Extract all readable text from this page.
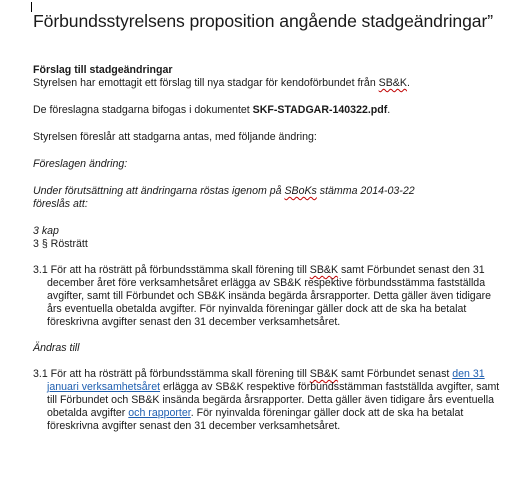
Förbundsstyrelsens proposition angående stadgeändringar”

Förslag till stadgeändringar

Styrelsen har emottagit ett förslag till nya stadgar för kendoförbundet från SB&K.

De föreslagna stadgarna bifogas i dokumentet SKF-STADGAR-140322.pdf.

Styrelsen föreslår att stadgarna antas, med följande ändring:

Föreslagen ändring:

Under förutsättning att ändringarna röstas igenom på SBoKs stämma 2014-03-22

föreslås att:

3 kap

3 § Rösträtt

3.1 För att ha rösträtt på förbundsstämma skall förening till SB&K samt Förbundet senast den 31 december året före verksamhetsåret erlägga av SB&K respektive förbundsstämma fastställda avgifter, samt till Förbundet och SB&K insända begärda årsrapporter. Detta gäller även tidigare års eventuella obetalda avgifter. För nyinvalda föreningar gäller dock att de ska ha betalat föreskrivna avgifter senast den 31 december verksamhetsåret.

Ändras till

3.1 För att ha rösträtt på förbundsstämma skall förening till SB&K samt Förbundet senast den 31 januari verksamhetsåret erlägga av SB&K respektive förbundsstämman fastställda avgifter, samt till Förbundet och SB&K insända begärda årsrapporter. Detta gäller även tidigare års eventuella obetalda avgifter och rapporter. För nyinvalda föreningar gäller dock att de ska ha betalat föreskrivna avgifter senast den 31 december verksamhetsåret.
